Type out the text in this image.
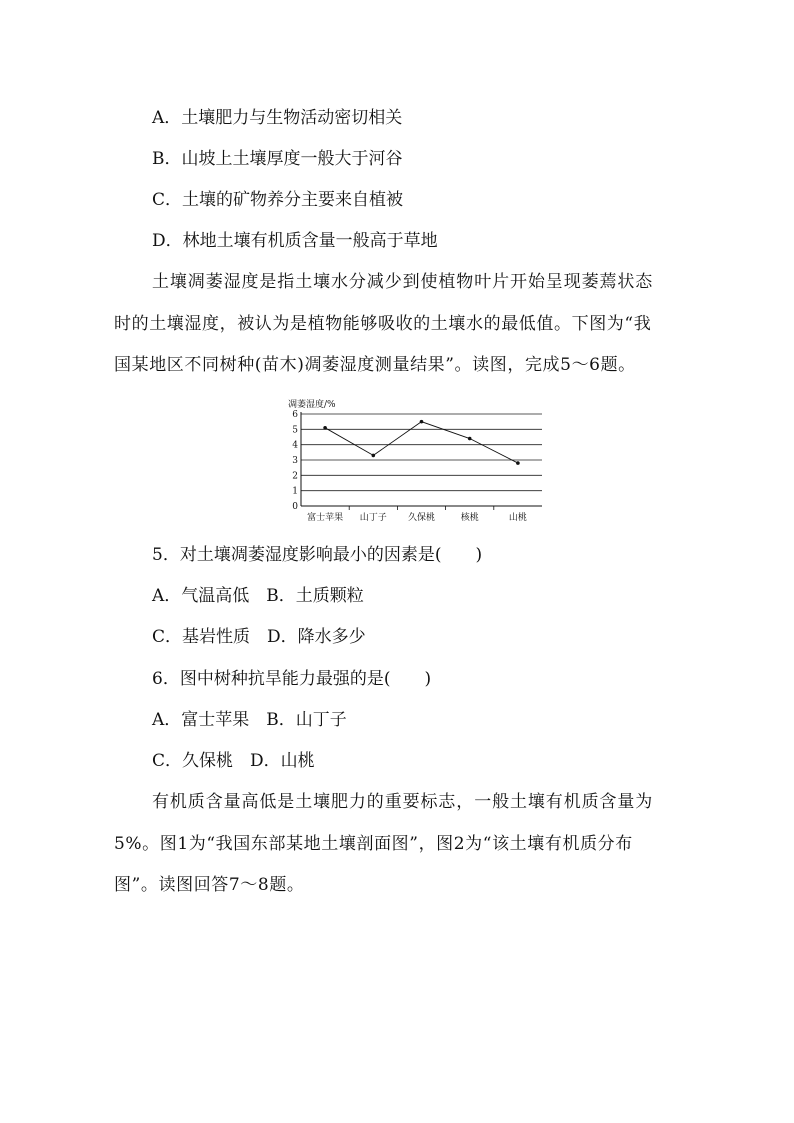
A．土壤肥力与生物活动密切相关
B．山坡上土壤厚度一般大于河谷
C．土壤的矿物养分主要来自植被
D．林地土壤有机质含量一般高于草地
土壤凋萎湿度是指土壤水分减少到使植物叶片开始呈现萎蔫状态
时的土壤湿度，被认为是植物能够吸收的土壤水的最低值。下图为“我
国某地区不同树种(苗木)凋萎湿度测量结果”。读图，完成5～6题。
凋萎湿度/%
0
1
2
3
4
5
6
富士苹果 山丁子 久保桃	核桃	山桃
5．对土壤凋萎湿度影响最小的因素是(　　)
A．气温高低　B．土质颗粒
C．基岩性质　D．降水多少
6．图中树种抗旱能力最强的是(　　)
A．富士苹果　B．山丁子
C．久保桃　D．山桃
有机质含量高低是土壤肥力的重要标志，一般土壤有机质含量为
5%。图1为“我国东部某地土壤剖面图”，图2为“该土壤有机质分布
图”。读图回答7～8题。
